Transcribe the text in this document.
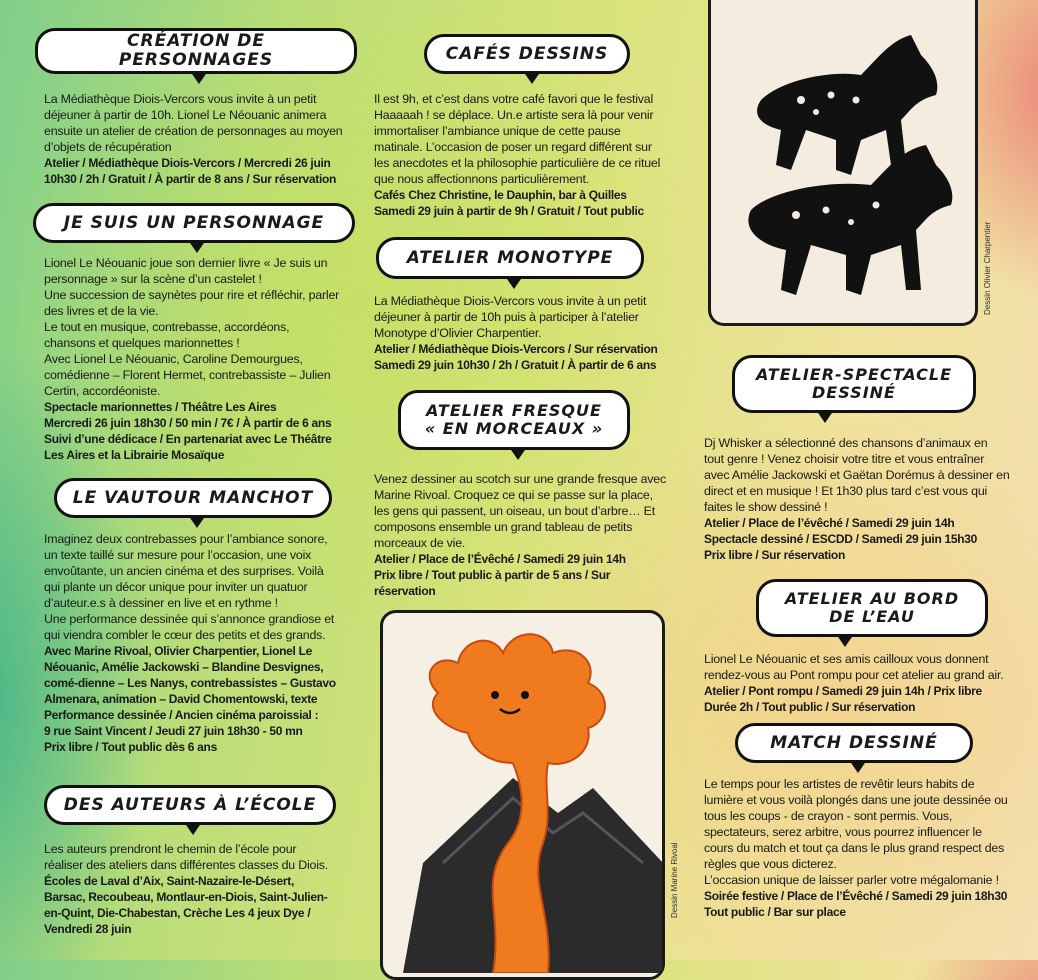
CRÉATION DE PERSONNAGES

La Médiathèque Diois-Vercors vous invite à un petit déjeuner à partir de 10h. Lionel Le Néouanic animera ensuite un atelier de création de personnages au moyen d’objets de récupération

Atelier / Médiathèque Diois-Vercors / Mercredi 26 juin

10h30 / 2h / Gratuit / À partir de 8 ans / Sur réservation

JE SUIS UN PERSONNAGE

Lionel Le Néouanic joue son dernier livre « Je suis un personnage » sur la scène d’un castelet !

Une succession de saynètes pour rire et réfléchir, parler des livres et de la vie.

Le tout en musique, contrebasse, accordéons, chansons et quelques marionnettes !

Avec Lionel Le Néouanic, Caroline Demourgues, comédienne – Florent Hermet, contrebassiste – Julien Certin, accordéoniste.

Spectacle marionnettes / Théâtre Les Aires

Mercredi 26 juin 18h30 / 50 min / 7€ / À partir de 6 ans

Suivi d’une dédicace / En partenariat avec Le Théâtre

Les Aires et la Librairie Mosaïque

LE VAUTOUR MANCHOT

Imaginez deux contrebasses pour l’ambiance sonore, un texte taillé sur mesure pour l’occasion, une voix envoûtante, un ancien cinéma et des surprises. Voilà qui plante un décor unique pour inviter un quatuor d’auteur.e.s à dessiner en live et en rythme !

Une performance dessinée qui s’annonce grandiose et qui viendra combler le cœur des petits et des grands.

Avec Marine Rivoal, Olivier Charpentier, Lionel Le Néouanic, Amélie Jackowski – Blandine Desvignes, comé-dienne – Les Nanys, contrebassistes – Gustavo Almenara, animation – David Chomentowski, texte

Performance dessinée / Ancien cinéma paroissial :

9 rue Saint Vincent / Jeudi 27 juin 18h30 - 50 mn

Prix libre / Tout public dès 6 ans

DES AUTEURS À L’ÉCOLE

Les auteurs prendront le chemin de l’école pour réaliser des ateliers dans différentes classes du Diois.

Écoles de Laval d’Aix, Saint-Nazaire-le-Désert, Barsac, Recoubeau, Montlaur-en-Diois, Saint-Julien-en-Quint, Die-Chabestan, Crèche Les 4 jeux Dye / Vendredi 28 juin

CAFÉS DESSINS

Il est 9h, et c’est dans votre café favori que le festival Haaaaah ! se déplace. Un.e artiste sera là pour venir immortaliser l’ambiance unique de cette pause matinale. L’occasion de poser un regard différent sur les anecdotes et la philosophie particulière de ce rituel que nous affectionnons particulièrement.

Cafés Chez Christine, le Dauphin, bar à Quilles

Samedi 29 juin à partir de 9h / Gratuit / Tout public

ATELIER MONOTYPE

La Médiathèque Diois-Vercors vous invite à un petit déjeuner à partir de 10h puis à participer à l’atelier Monotype d’Olivier Charpentier.

Atelier / Médiathèque Diois-Vercors / Sur réservation

Samedi 29 juin 10h30 / 2h / Gratuit / À partir de 6 ans

ATELIER FRESQUE
« EN MORCEAUX »

Venez dessiner au scotch sur une grande fresque avec Marine Rivoal. Croquez ce qui se passe sur la place, les gens qui passent, un oiseau, un bout d’arbre… Et composons ensemble un grand tableau de petits morceaux de vie.

Atelier / Place de l’Évêché / Samedi 29 juin 14h

Prix libre / Tout public à partir de 5 ans / Sur réservation

Dessin Marine Rivoal
Dessin Olivier Charpentier
ATELIER-SPECTACLE
DESSINÉ

Dj Whisker a sélectionné des chansons d’animaux en tout genre ! Venez choisir votre titre et vous entraîner avec Amélie Jackowski et Gaëtan Dorémus à dessiner en direct et en musique ! Et 1h30 plus tard c’est vous qui faites le show dessiné !

Atelier / Place de l’évêché / Samedi 29 juin 14h

Spectacle dessiné / ESCDD / Samedi 29 juin 15h30

Prix libre / Sur réservation

ATELIER AU BORD
DE L’EAU

Lionel Le Néouanic et ses amis cailloux vous donnent rendez-vous au Pont rompu pour cet atelier au grand air.

Atelier / Pont rompu / Samedi 29 juin 14h / Prix libre

Durée 2h / Tout public / Sur réservation

MATCH DESSINÉ

Le temps pour les artistes de revêtir leurs habits de lumière et vous voilà plongés dans une joute dessinée ou tous les coups - de crayon - sont permis. Vous, spectateurs, serez arbitre, vous pourrez influencer le cours du match et tout ça dans le plus grand respect des règles que vous dicterez.

L’occasion unique de laisser parler votre mégalomanie !

Soirée festive / Place de l’Évêché / Samedi 29 juin 18h30

Tout public / Bar sur place
